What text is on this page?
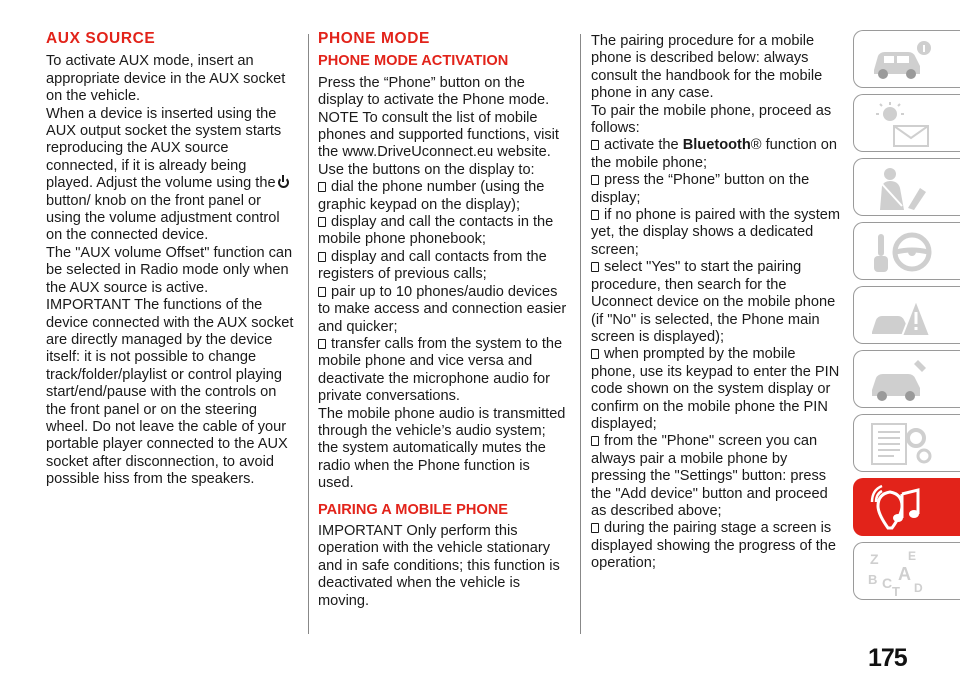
AUX SOURCE

To activate AUX mode, insert an appropriate device in the AUX socket on the vehicle.

When a device is inserted using the AUX output socket the system starts reproducing the AUX source connected, if it is already being played. Adjust the volume using thebutton/ knob on the front panel or using the volume adjustment control on the connected device.

The "AUX volume Offset" function can be selected in Radio mode only when the AUX source is active.

IMPORTANT The functions of the device connected with the AUX socket are directly managed by the device itself: it is not possible to change track/folder/playlist or control playing start/end/pause with the controls on the front panel or on the steering wheel. Do not leave the cable of your portable player connected to the AUX socket after disconnection, to avoid possible hiss from the speakers.

PHONE MODE
PHONE MODE ACTIVATION

Press the “Phone” button on the display to activate the Phone mode.

NOTE To consult the list of mobile phones and supported functions, visit the www.DriveUconnect.eu website.

Use the buttons on the display to:

dial the phone number (using the graphic keypad on the display);

display and call the contacts in the mobile phone phonebook;

display and call contacts from the registers of previous calls;

pair up to 10 phones/audio devices to make access and connection easier and quicker;

transfer calls from the system to the mobile phone and vice versa and deactivate the microphone audio for private conversations.

The mobile phone audio is transmitted through the vehicle’s audio system; the system automatically mutes the radio when the Phone function is used.

PAIRING A MOBILE PHONE

IMPORTANT Only perform this operation with the vehicle stationary and in safe conditions; this function is deactivated when the vehicle is moving.

The pairing procedure for a mobile phone is described below: always consult the handbook for the mobile phone in any case.

To pair the mobile phone, proceed as follows:

activate the Bluetooth® function on the mobile phone;

press the “Phone” button on the display;

if no phone is paired with the system yet, the display shows a dedicated screen;

select "Yes" to start the pairing procedure, then search for the Uconnect device on the mobile phone (if "No" is selected, the Phone main screen is displayed);

when prompted by the mobile phone, use its keypad to enter the PIN code shown on the system display or confirm on the mobile phone the PIN displayed;

from the "Phone" screen you can always pair a mobile phone by pressing the "Settings" button: press the "Add device" button and proceed as described above;

during the pairing stage a screen is displayed showing the progress of the operation;	Z E
B A
C
T D
175
